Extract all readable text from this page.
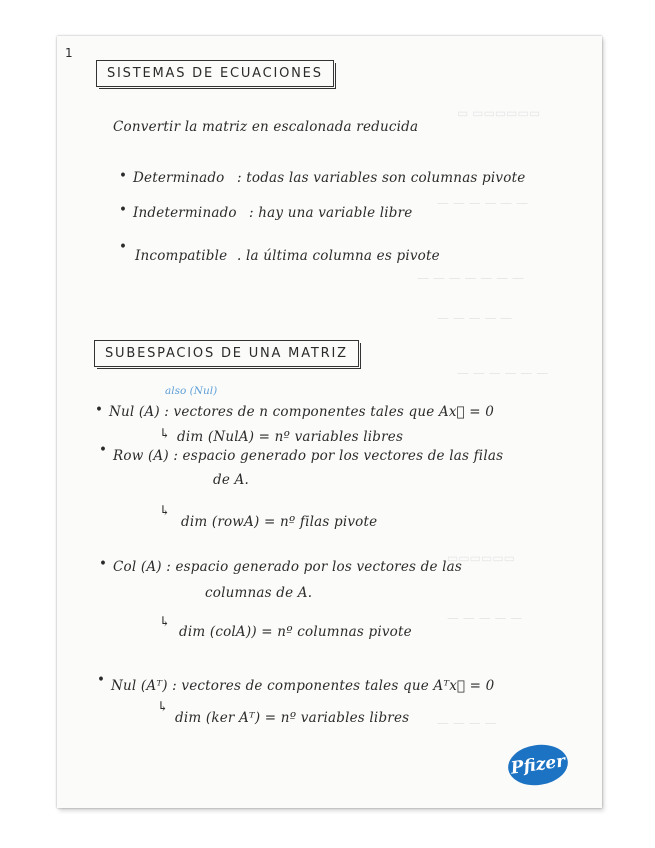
▭ ▭▭▭▭▭▭
— — — — — —
— — — — — — —
— — — — —
— — — — — —
▭▭▭▭▭▭
— — — — —
— — — —
1
SISTEMAS DE ECUACIONES
Convertir la matriz en escalonada reducida
• Determinado : todas las variables son columnas pivote
• Indeterminado : hay una variable libre
•
Incompatible . la última columna es pivote
SUBESPACIOS DE UNA MATRIZ
also (Nul)
• Nul (A) : vectores de n componentes tales que Ax⃗ = 0
↳ dim (NulA) = nº variables libres
• Row (A) : espacio generado por los vectores de las filas
de A.
↳
dim (rowA) = nº filas pivote
• Col (A) : espacio generado por los vectores de las
columnas de A.
↳
dim (colA)) = nº columnas pivote
• Nul (Aᵀ) : vectores de componentes tales que Aᵀx⃗ = 0
↳
dim (ker Aᵀ) = nº variables libres
Pfizer
